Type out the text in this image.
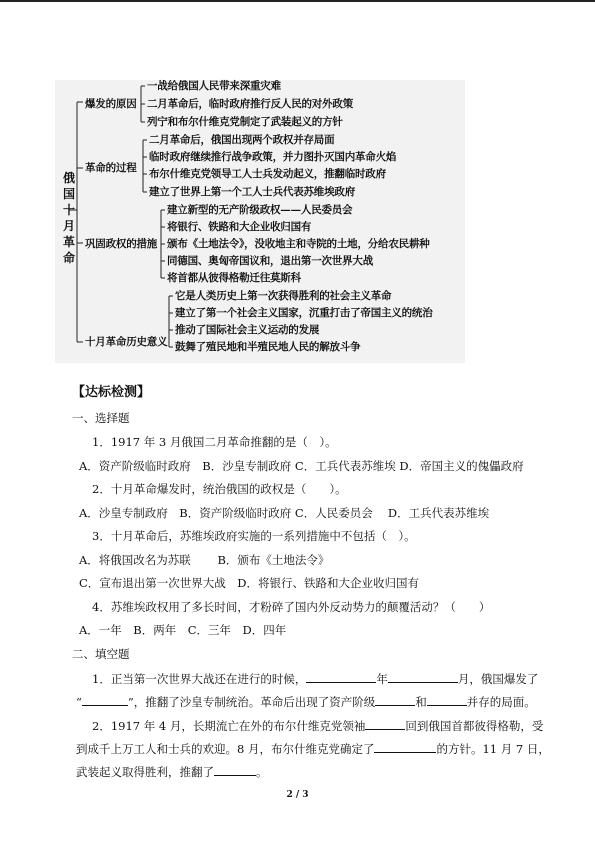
俄国十月革命
爆发的原因
一战给俄国人民带来深重灾难
二月革命后，临时政府推行反人民的对外政策
列宁和布尔什维克党制定了武装起义的方针
革命的过程
二月革命后，俄国出现两个政权并存局面
临时政府继续推行战争政策，并力图扑灭国内革命火焰
布尔什维克党领导工人士兵发动起义，推翻临时政府
建立了世界上第一个工人士兵代表苏维埃政府
巩固政权的措施
建立新型的无产阶级政权——人民委员会
将银行、铁路和大企业收归国有
颁布《土地法令》，没收地主和寺院的土地，分给农民耕种
同德国、奥匈帝国议和，退出第一次世界大战
将首都从彼得格勒迁往莫斯科
十月革命历史意义
它是人类历史上第一次获得胜利的社会主义革命
建立了第一个社会主义国家，沉重打击了帝国主义的统治
推动了国际社会主义运动的发展
鼓舞了殖民地和半殖民地人民的解放斗争
【达标检测】
一、选择题
1．1917 年 3 月俄国二月革命推翻的是（　）。
A．资产阶级临时政府　B．沙皇专制政府 C．工兵代表苏维埃 D．帝国主义的傀儡政府
2．十月革命爆发时，统治俄国的政权是（　　）。
A．沙皇专制政府　B．资产阶级临时政府 C．人民委员会　 D．工兵代表苏维埃
3．十月革命后，苏维埃政府实施的一系列措施中不包括（　）。
A．将俄国改名为苏联　　 B．颁布《土地法令》
C．宣布退出第一次世界大战　D．将银行、铁路和大企业收归国有
4．苏维埃政权用了多长时间，才粉碎了国内外反动势力的颠覆活动？（　　）
A．一年　B．两年　C．三年　D．四年
二、填空题
1．正当第一次世界大战还在进行的时候，	年	月，俄国爆发了
“	”，推翻了沙皇专制统治。革命后出现了资产阶级	和	并存的局面。
2．1917 年 4 月，长期流亡在外的布尔什维克党领袖	回到俄国首都彼得格勒，受
到成千上万工人和士兵的欢迎。8 月，布尔什维克党确定了	的方针。11 月 7 日，
武装起义取得胜利，推翻了	。
2 / 3
